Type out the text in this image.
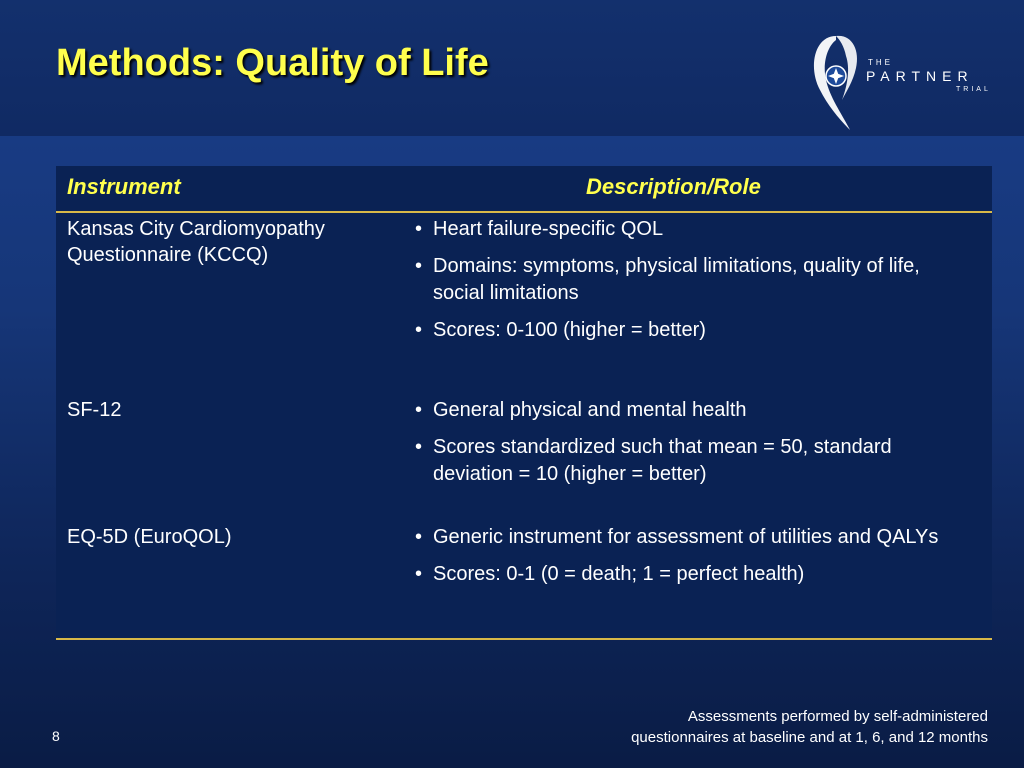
Methods: Quality of Life	THE
PARTNER
TRIAL
Instrument	Description/Role
Kansas City Cardiomyopathy Questionnaire (KCCQ)
• Heart failure-specific QOL
• Domains: symptoms, physical limitations, quality of life, social limitations
• Scores: 0-100 (higher = better)
SF-12	• General physical and mental health
• Scores standardized such that mean = 50, standard deviation = 10 (higher = better)
EQ-5D (EuroQOL)	• Generic instrument for assessment of utilities and QALYs
• Scores: 0-1 (0 = death; 1 = perfect health)
8
Assessments performed by self-administered
questionnaires at baseline and at 1, 6, and 12 months
